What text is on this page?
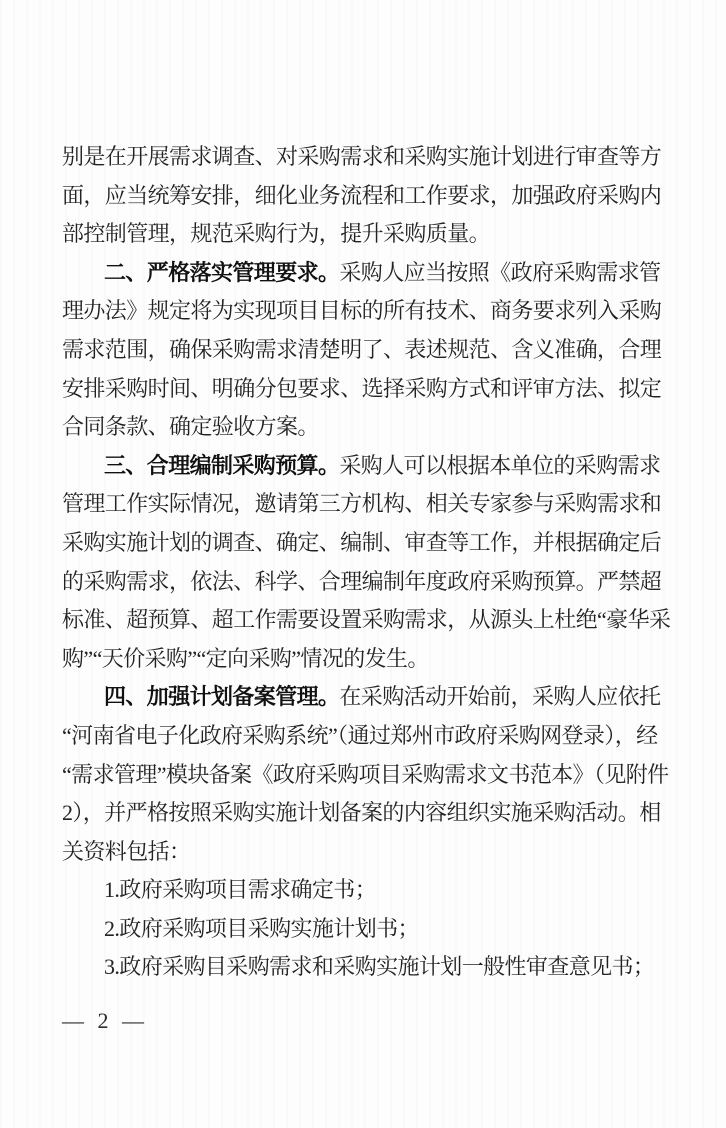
别是在开展需求调查、对采购需求和采购实施计划进行审查等方
面，应当统筹安排，细化业务流程和工作要求，加强政府采购内
部控制管理，规范采购行为，提升采购质量。
二、严格落实管理要求。采购人应当按照《政府采购需求管
理办法》规定将为实现项目目标的所有技术、商务要求列入采购
需求范围，确保采购需求清楚明了、表述规范、含义准确，合理
安排采购时间、明确分包要求、选择采购方式和评审方法、拟定
合同条款、确定验收方案。
三、合理编制采购预算。采购人可以根据本单位的采购需求
管理工作实际情况，邀请第三方机构、相关专家参与采购需求和
采购实施计划的调查、确定、编制、审查等工作，并根据确定后
的采购需求，依法、科学、合理编制年度政府采购预算。严禁超
标准、超预算、超工作需要设置采购需求，从源头上杜绝“豪华采
购”“天价采购”“定向采购”情况的发生。
四、加强计划备案管理。在采购活动开始前，采购人应依托
“河南省电子化政府采购系统”（通过郑州市政府采购网登录），经
“需求管理”模块备案《政府采购项目采购需求文书范本》（见附件
2），并严格按照采购实施计划备案的内容组织实施采购活动。相
关资料包括：
1.政府采购项目需求确定书；
2.政府采购项目采购实施计划书；
3.政府采购目采购需求和采购实施计划一般性审查意见书；
— 2 —
